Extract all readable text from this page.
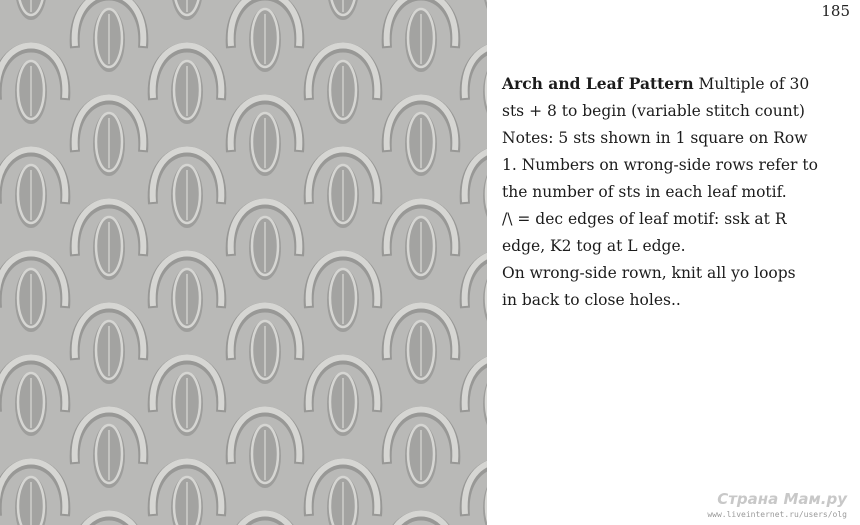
185
Arch and Leaf Pattern Multiple of 30
sts + 8 to begin (variable stitch count)
Notes: 5 sts shown in 1 square on Row
1. Numbers on wrong-side rows refer to
the number of sts in each leaf motif.
/\ = dec edges of leaf motif: ssk at R
edge, K2 tog at L edge.
On wrong-side rown, knit all yo loops
in back to close holes..
Страна Мам.ру
www.liveinternet.ru/users/olg
